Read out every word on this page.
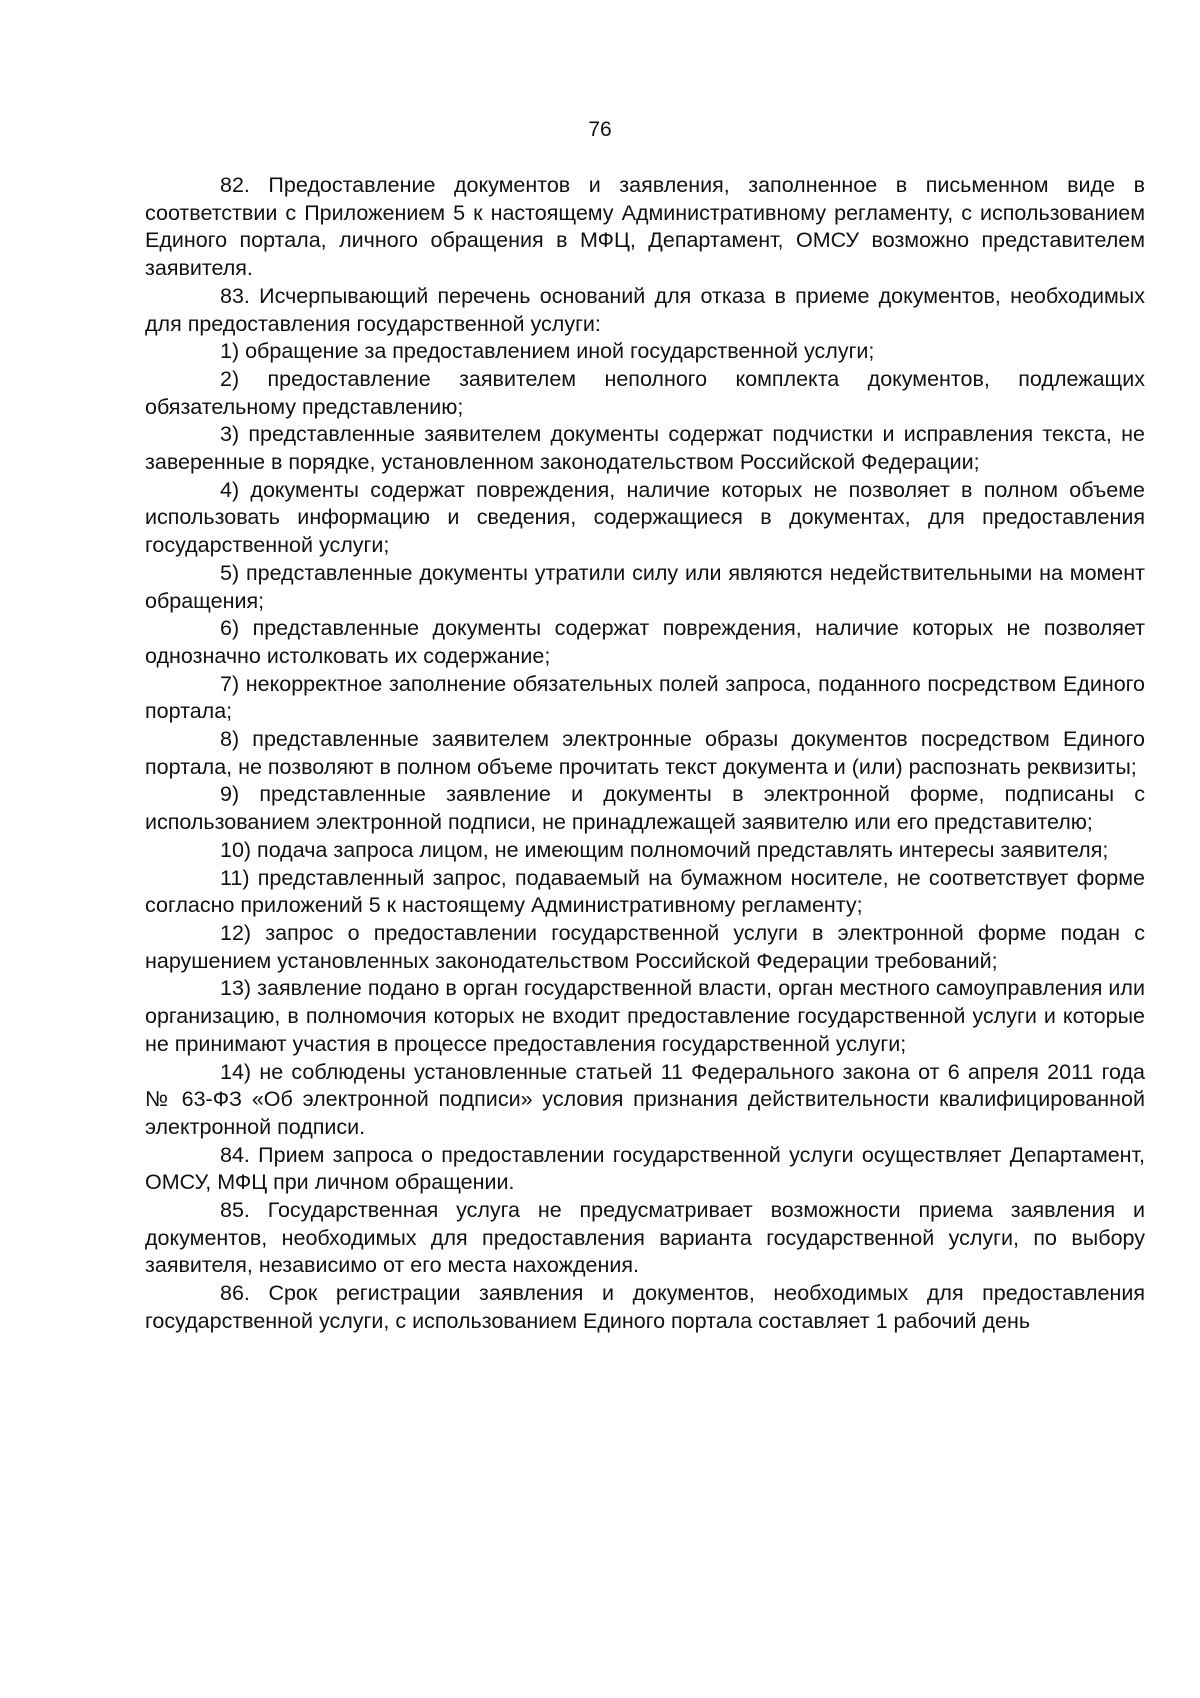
76

82. Предоставление документов и заявления, заполненное в письменном виде в соответствии с Приложением 5 к настоящему Административному регламенту, с использованием Единого портала, личного обращения в МФЦ, Департамент, ОМСУ возможно представителем заявителя.

83. Исчерпывающий перечень оснований для отказа в приеме документов, необходимых для предоставления государственной услуги:

1) обращение за предоставлением иной государственной услуги;

2) предоставление заявителем неполного комплекта документов, подлежащих обязательному представлению;

3) представленные заявителем документы содержат подчистки и исправления текста, не заверенные в порядке, установленном законодательством Российской Федерации;

4) документы содержат повреждения, наличие которых не позволяет в полном объеме использовать информацию и сведения, содержащиеся в документах, для предоставления государственной услуги;

5) представленные документы утратили силу или являются недействительными на момент обращения;

6) представленные документы содержат повреждения, наличие которых не позволяет однозначно истолковать их содержание;

7) некорректное заполнение обязательных полей запроса, поданного посредством Единого портала;

8) представленные заявителем электронные образы документов посредством Единого портала, не позволяют в полном объеме прочитать текст документа и (или) распознать реквизиты;

9) представленные заявление и документы в электронной форме, подписаны с использованием электронной подписи, не принадлежащей заявителю или его представителю;

10) подача запроса лицом, не имеющим полномочий представлять интересы заявителя;

11) представленный запрос, подаваемый на бумажном носителе, не соответствует форме согласно приложений 5 к настоящему Административному регламенту;

12) запрос о предоставлении государственной услуги в электронной форме подан с нарушением установленных законодательством Российской Федерации требований;

13) заявление подано в орган государственной власти, орган местного самоуправления или организацию, в полномочия которых не входит предоставление государственной услуги и которые не принимают участия в процессе предоставления государственной услуги;

14) не соблюдены установленные статьей 11 Федерального закона от 6 апреля 2011 года № 63-ФЗ «Об электронной подписи» условия признания действительности квалифицированной электронной подписи.

84. Прием запроса о предоставлении государственной услуги осуществляет Департамент, ОМСУ, МФЦ при личном обращении.

85. Государственная услуга не предусматривает возможности приема заявления и документов, необходимых для предоставления варианта государственной услуги, по выбору заявителя, независимо от его места нахождения.

86. Срок регистрации заявления и документов, необходимых для предоставления государственной услуги, с использованием Единого портала составляет 1 рабочий день
